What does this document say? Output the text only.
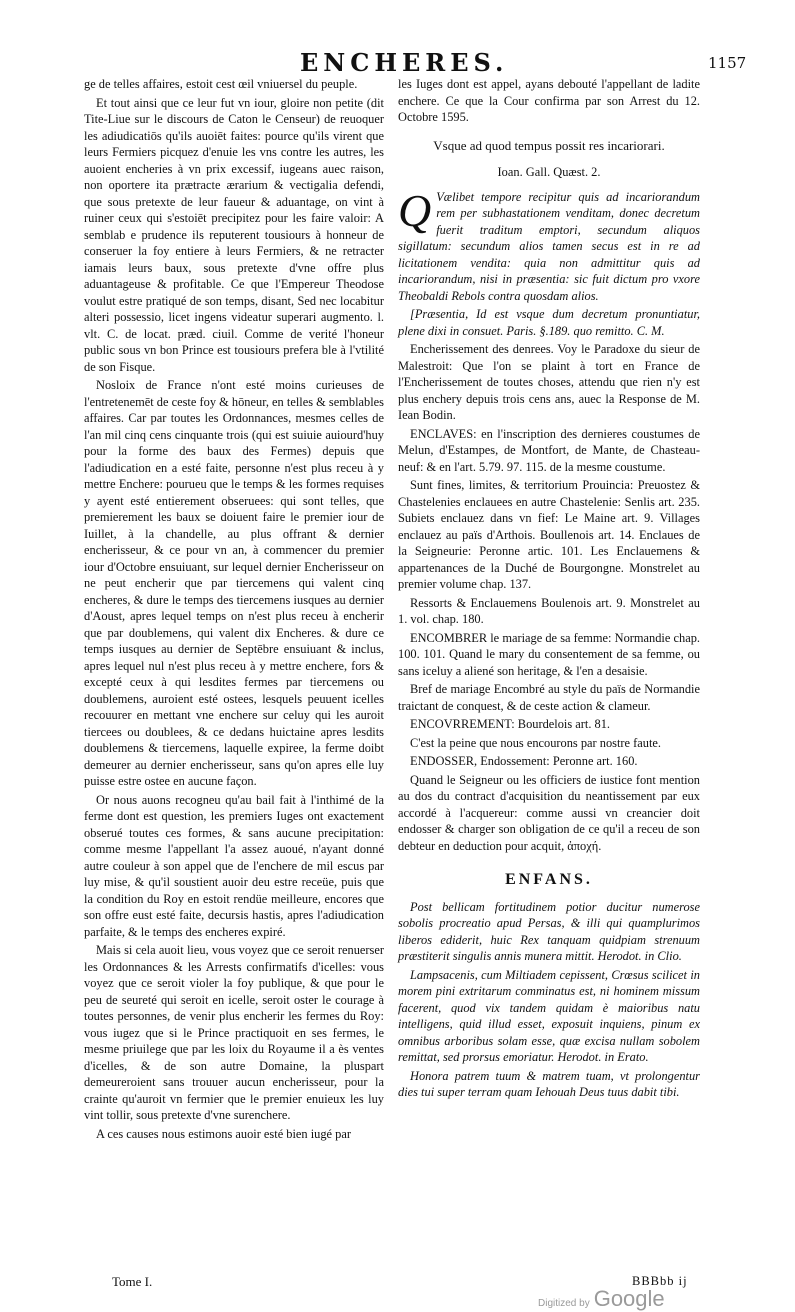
ENCHERES.	1157

ge de telles affaires, estoit cest œil vniuersel du peuple.

Et tout ainsi que ce leur fut vn iour, gloire non petite (dit Tite-Liue sur le discours de Caton le Censeur) de reuoquer les adiudicatiōs qu'ils auoiēt faites: pource qu'ils virent que leurs Fermiers picquez d'enuie les vns contre les autres, les auoient encheries à vn prix excessif, iugeans auec raison, non oportere ita prætracte ærarium & vectigalia defendi, que sous pretexte de leur faueur & aduantage, on vint à ruiner ceux qui s'estoiēt precipitez pour les faire valoir: A semblab e prudence ils reputerent tousiours à honneur de conseruer la foy entiere à leurs Fermiers, & ne retracter iamais leurs baux, sous pretexte d'vne offre plus aduantageuse & profitable. Ce que l'Empereur Theodose voulut estre pratiqué de son temps, disant, Sed nec locabitur alteri possessio, licet ingens videatur superari augmento. l. vlt. C. de locat. præd. ciuil. Comme de verité l'honeur public sous vn bon Prince est tousiours prefera ble à l'vtilité de son Fisque.

Nosloix de France n'ont esté moins curieuses de l'entretenemēt de ceste foy & hōneur, en telles & semblables affaires. Car par toutes les Ordonnances, mesmes celles de l'an mil cinq cens cinquante trois (qui est suiuie auiourd'huy pour la forme des baux des Fermes) depuis que l'adiudication en a esté faite, personne n'est plus receu à y mettre Enchere: pourueu que le temps & les formes requises y ayent esté entierement obseruees: qui sont telles, que premierement les baux se doiuent faire le premier iour de Iuillet, à la chandelle, au plus offrant & dernier encherisseur, & ce pour vn an, à commencer du premier iour d'Octobre ensuiuant, sur lequel dernier Encherisseur on ne peut encherir que par tiercemens qui valent cinq encheres, & dure le temps des tiercemens iusques au dernier d'Aoust, apres lequel temps on n'est plus receu à encherir que par doublemens, qui valent dix Encheres. & dure ce temps iusques au dernier de Septēbre ensuiuant & inclus, apres lequel nul n'est plus receu à y mettre enchere, fors & excepté ceux à qui lesdites fermes par tiercemens ou doublemens, auroient esté ostees, lesquels peuuent icelles recouurer en mettant vne enchere sur celuy qui les auroit tiercees ou doublees, & ce dedans huictaine apres lesdits doublemens & tiercemens, laquelle expiree, la ferme doibt demeurer au dernier encherisseur, sans qu'on apres elle luy puisse estre ostee en aucune façon.

Or nous auons recogneu qu'au bail fait à l'inthimé de la ferme dont est question, les premiers Iuges ont exactement obserué toutes ces formes, & sans aucune precipitation: comme mesme l'appellant l'a assez auoué, n'ayant donné autre couleur à son appel que de l'enchere de mil escus par luy mise, & qu'il soustient auoir deu estre receüe, puis que la condition du Roy en estoit rendüe meilleure, encores que son offre eust esté faite, decursis hastis, apres l'adiudication parfaite, & le temps des encheres expiré.

Mais si cela auoit lieu, vous voyez que ce seroit renuerser les Ordonnances & les Arrests confirmatifs d'icelles: vous voyez que ce seroit violer la foy publique, & que pour le peu de seureté qui seroit en icelle, seroit oster le courage à toutes personnes, de venir plus encherir les fermes du Roy: vous iugez que si le Prince practiquoit en ses fermes, le mesme priuilege que par les loix du Royaume il a ès ventes d'icelles, & de son autre Domaine, la pluspart demeureroient sans trouuer aucun encherisseur, pour la crainte qu'auroit vn fermier que le premier enuieux les luy vint tollir, sous pretexte d'vne surenchere.

A ces causes nous estimons auoir esté bien iugé par

les Iuges dont est appel, ayans debouté l'appellant de ladite enchere. Ce que la Cour confirma par son Arrest du 12. Octobre 1595.

Vsque ad quod tempus possit res incariorari.

Ioan. Gall. Quæst. 2.

Q Vælibet tempore recipitur quis ad incariorandum rem per subhastationem venditam, donec decretum fuerit traditum emptori, secundum aliquos sigillatum: secundum alios tamen secus est in re ad licitationem vendita: quia non admittitur quis ad incariorandum, nisi in præsentia: sic fuit dictum pro vxore Theobaldi Rebols contra quosdam alios.

[Præsentia, Id est vsque dum decretum pronuntiatur, plene dixi in consuet. Paris. §.189. quo remitto. C. M.

Encherissement des denrees. Voy le Paradoxe du sieur de Malestroit: Que l'on se plaint à tort en France de l'Encherissement de toutes choses, attendu que rien n'y est plus enchery depuis trois cens ans, auec la Response de M. Iean Bodin.

ENCLAVES: en l'inscription des dernieres coustumes de Melun, d'Estampes, de Montfort, de Mante, de Chasteau-neuf: & en l'art. 5.79. 97. 115. de la mesme coustume.

Sunt fines, limites, & territorium Prouincia: Preuostez & Chastelenies enclauees en autre Chastelenie: Senlis art. 235. Subiets enclauez dans vn fief: Le Maine art. 9. Villages enclauez au païs d'Arthois. Boullenois art. 14. Enclaues de la Seigneurie: Peronne artic. 101. Les Enclauemens & appartenances de la Duché de Bourgongne. Monstrelet au premier volume chap. 137.

Ressorts & Enclauemens Boulenois art. 9. Monstrelet au 1. vol. chap. 180.

ENCOMBRER le mariage de sa femme: Normandie chap. 100. 101. Quand le mary du consentement de sa femme, ou sans iceluy a aliené son heritage, & l'en a desaisie.

Bref de mariage Encombré au style du païs de Normandie traictant de conquest, & de ceste action & clameur.

ENCOVRREMENT: Bourdelois art. 81.

C'est la peine que nous encourons par nostre faute.

ENDOSSER, Endossement: Peronne art. 160.

Quand le Seigneur ou les officiers de iustice font mention au dos du contract d'acquisition du neantissement par eux accordé à l'acquereur: comme aussi vn creancier doit endosser & charger son obligation de ce qu'il a receu de son debteur en deduction pour acquit, ἀποχή.

ENFANS.

Post bellicam fortitudinem potior ducitur numerose sobolis procreatio apud Persas, & illi qui quamplurimos liberos ediderit, huic Rex tanquam quidpiam strenuum præstiterit singulis annis munera mittit. Herodot. in Clio.

Lampsacenis, cum Miltiadem cepissent, Crœsus scilicet in morem pini extritarum comminatus est, ni hominem missum facerent, quod vix tandem quidam è maioribus natu intelligens, quid illud esset, exposuit inquiens, pinum ex omnibus arboribus solam esse, quæ excisa nullam sobolem remittat, sed prorsus emoriatur. Herodot. in Erato.

Honora patrem tuum & matrem tuam, vt prolongentur dies tui super terram quam Iehouah Deus tuus dabit tibi.

Tome I.	BBBbb ij
Digitized by Google
